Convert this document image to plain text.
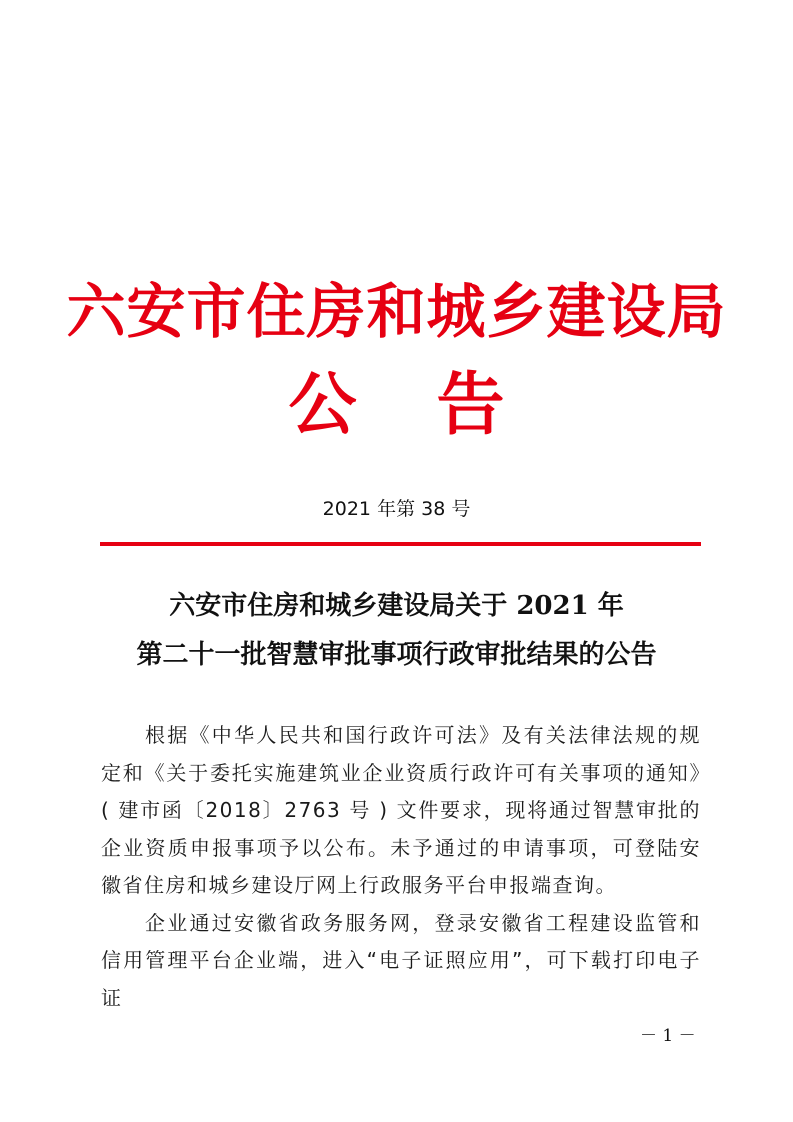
六安市住房和城乡建设局
公告
2021 年第 38 号
六安市住房和城乡建设局关于 2021 年
第二十一批智慧审批事项行政审批结果的公告

根据《中华人民共和国行政许可法》及有关法律法规的规定和《关于委托实施建筑业企业资质行政许可有关事项的通知》( 建市函〔2018〕2763 号 ) 文件要求，现将通过智慧审批的企业资质申报事项予以公布。未予通过的申请事项，可登陆安徽省住房和城乡建设厅网上行政服务平台申报端查询。

企业通过安徽省政务服务网，登录安徽省工程建设监管和信用管理平台企业端，进入“电子证照应用”，可下载打印电子证

－ 1 －
